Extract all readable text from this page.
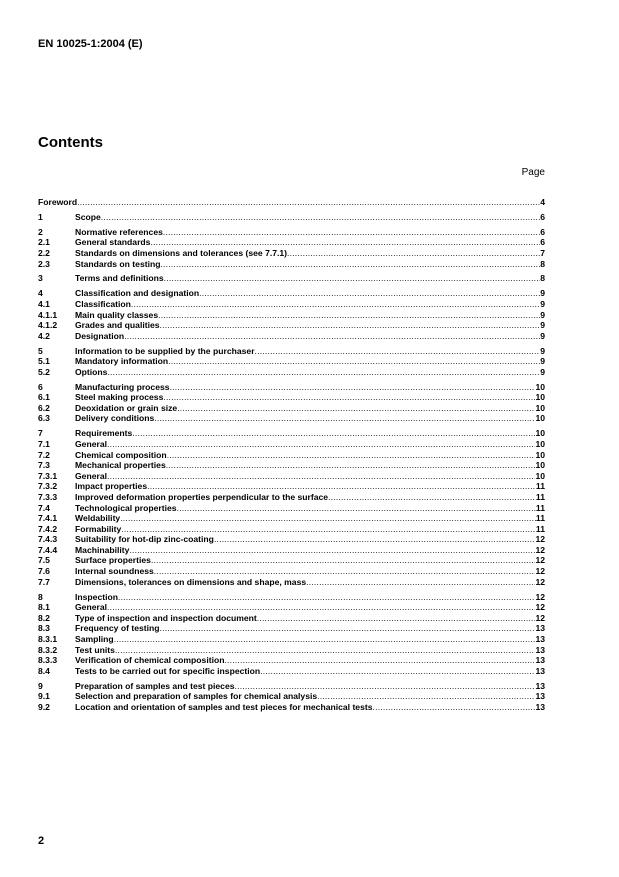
EN 10025-1:2004 (E)
Contents
Page
Foreword .....	4
1	Scope .....	6
2	Normative references .....	6
2.1	General standards .....	6
2.2	Standards on dimensions and tolerances (see 7.7.1) .....	7
2.3	Standards on testing .....	8
3	Terms and definitions .....	8
4	Classification and designation .....	9
4.1	Classification .....	9
4.1.1	Main quality classes .....	9
4.1.2	Grades and qualities .....	9
4.2	Designation .....	9
5	Information to be supplied by the purchaser .....	9
5.1	Mandatory information .....	9
5.2	Options .....	9
6	Manufacturing process .....	10
6.1	Steel making process .....	10
6.2	Deoxidation or grain size .....	10
6.3	Delivery conditions .....	10
7	Requirements .....	10
7.1	General .....	10
7.2	Chemical composition .....	10
7.3	Mechanical properties .....	10
7.3.1	General .....	10
7.3.2	Impact properties .....	11
7.3.3	Improved deformation properties perpendicular to the surface .....	11
7.4	Technological properties .....	11
7.4.1	Weldability .....	11
7.4.2	Formability .....	11
7.4.3	Suitability for hot-dip zinc-coating .....	12
7.4.4	Machinability .....	12
7.5	Surface properties .....	12
7.6	Internal soundness .....	12
7.7	Dimensions, tolerances on dimensions and shape, mass .....	12
8	Inspection .....	12
8.1	General .....	12
8.2	Type of inspection and inspection document .....	12
8.3	Frequency of testing .....	13
8.3.1	Sampling .....	13
8.3.2	Test units .....	13
8.3.3	Verification of chemical composition .....	13
8.4	Tests to be carried out for specific inspection .....	13
9	Preparation of samples and test pieces .....	13
9.1	Selection and preparation of samples for chemical analysis .....	13
9.2	Location and orientation of samples and test pieces for mechanical tests .....	13
2
